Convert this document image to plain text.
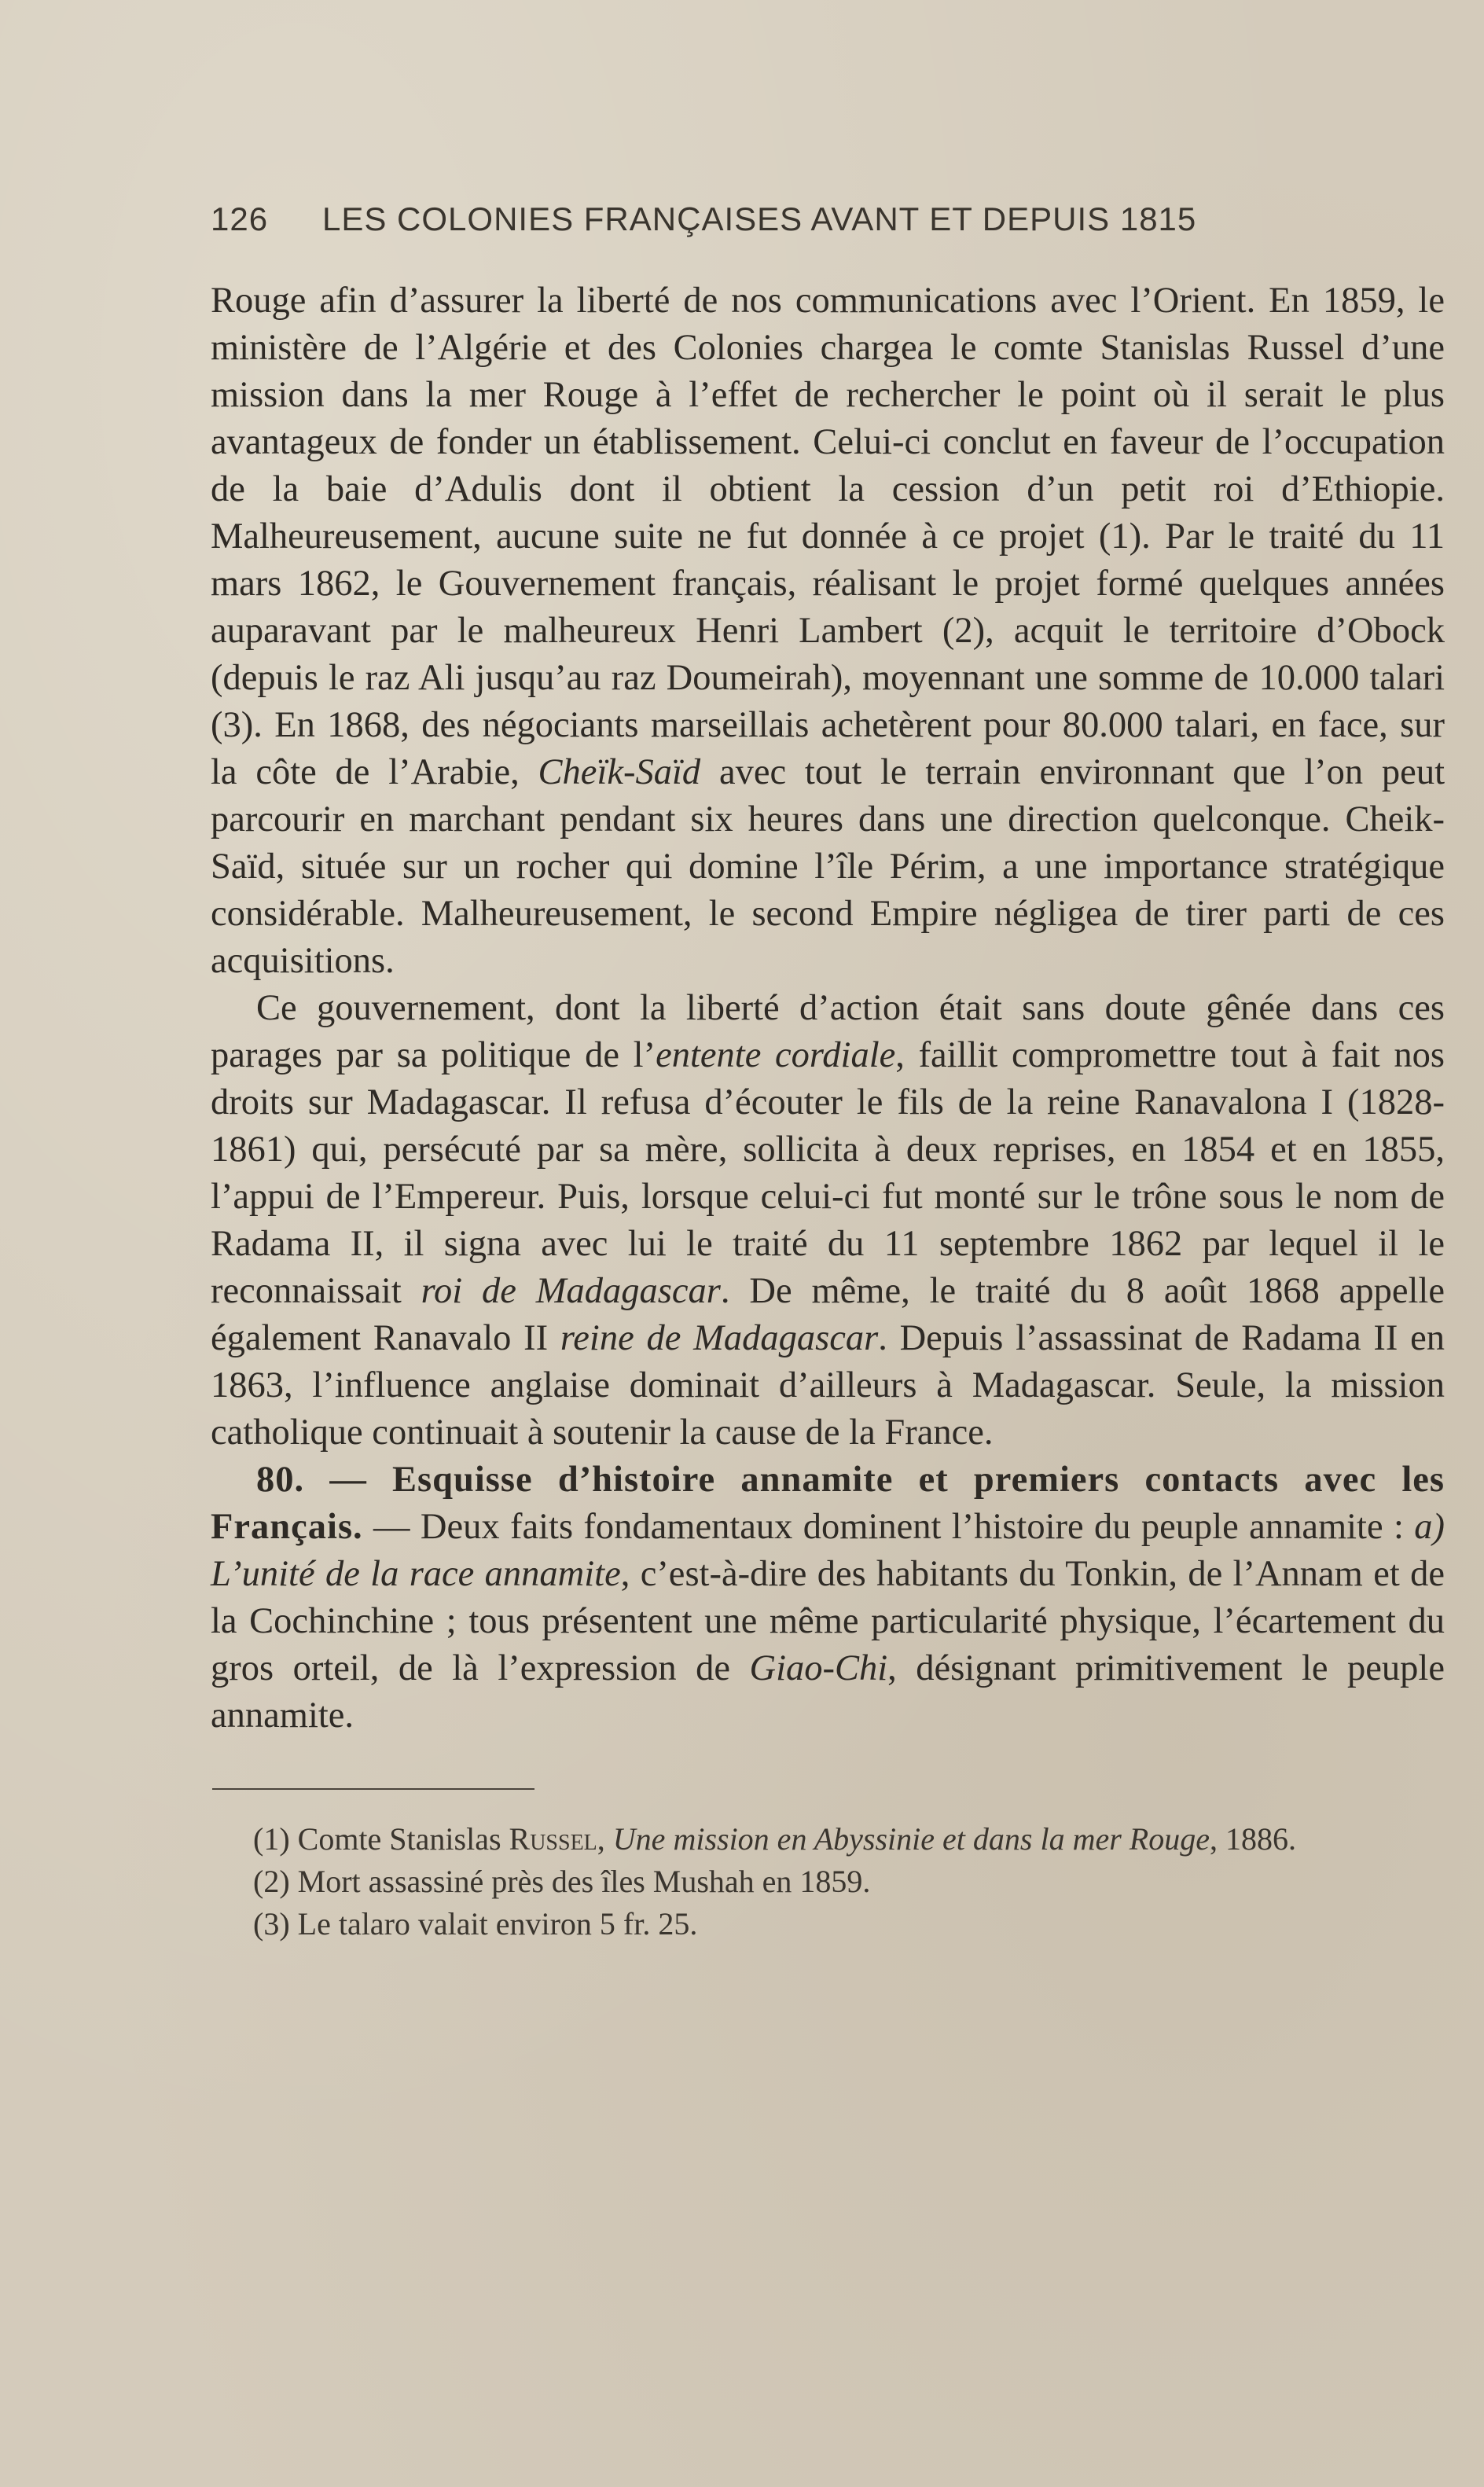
126	LES COLONIES FRANÇAISES AVANT ET DEPUIS 1815

Rouge afin d’assurer la liberté de nos communications avec l’Orient. En 1859, le ministère de l’Algérie et des Colonies chargea le comte Stanislas Russel d’une mission dans la mer Rouge à l’effet de rechercher le point où il serait le plus avantageux de fonder un établissement. Celui-ci conclut en faveur de l’occupation de la baie d’Adulis dont il obtient la cession d’un petit roi d’Ethiopie. Malheureusement, aucune suite ne fut donnée à ce projet (1). Par le traité du 11 mars 1862, le Gouvernement français, réalisant le projet formé quelques années auparavant par le malheureux Henri Lambert (2), acquit le territoire d’Obock (depuis le raz Ali jusqu’au raz Doumeirah), moyennant une somme de 10.000 talari (3). En 1868, des négociants marseillais achetèrent pour 80.000 talari, en face, sur la côte de l’Arabie, Cheïk-Saïd avec tout le terrain environnant que l’on peut parcourir en marchant pendant six heures dans une direction quelconque. Cheik-Saïd, située sur un rocher qui domine l’île Périm, a une importance stratégique considérable. Malheureusement, le second Empire négligea de tirer parti de ces acquisitions.

Ce gouvernement, dont la liberté d’action était sans doute gênée dans ces parages par sa politique de l’entente cordiale, faillit compromettre tout à fait nos droits sur Madagascar. Il refusa d’écouter le fils de la reine Ranavalona I (1828-1861) qui, persécuté par sa mère, sollicita à deux reprises, en 1854 et en 1855, l’appui de l’Empereur. Puis, lorsque celui-ci fut monté sur le trône sous le nom de Radama II, il signa avec lui le traité du 11 septembre 1862 par lequel il le reconnaissait roi de Madagascar. De même, le traité du 8 août 1868 appelle également Ranavalo II reine de Madagascar. Depuis l’assassinat de Radama II en 1863, l’influence anglaise dominait d’ailleurs à Madagascar. Seule, la mission catholique continuait à soutenir la cause de la France.

80. — Esquisse d’histoire annamite et premiers contacts avec les Français. — Deux faits fondamentaux dominent l’histoire du peuple annamite : a) L’unité de la race annamite, c’est-à-dire des habitants du Tonkin, de l’Annam et de la Cochinchine ; tous présentent une même particularité physique, l’écartement du gros orteil, de là l’expression de Giao-Chi, désignant primitivement le peuple annamite.

(1) Comte Stanislas Russel, Une mission en Abyssinie et dans la mer Rouge, 1886.

(2) Mort assassiné près des îles Mushah en 1859.

(3) Le talaro valait environ 5 fr. 25.
